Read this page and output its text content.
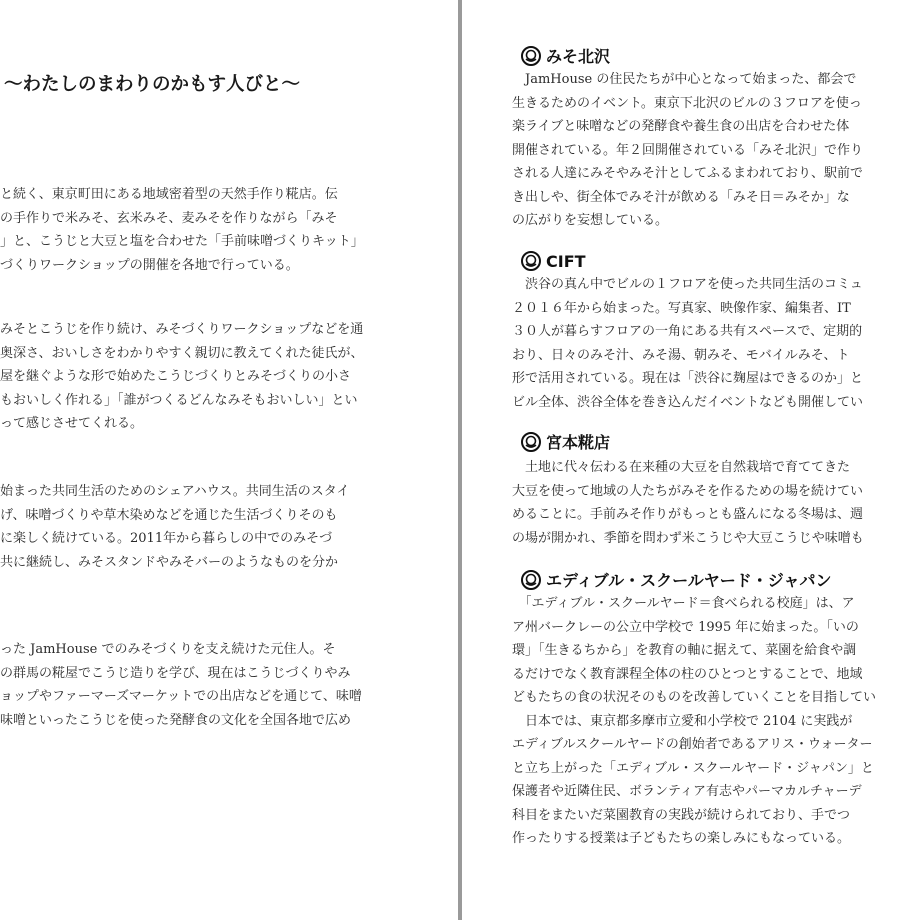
～わたしのまわりのかもす人びと～
と続く、東京町田にある地域密着型の天然手作り糀店。伝
の手作りで米みそ、玄米みそ、麦みそを作りながら「みそ
」と、こうじと大豆と塩を合わせた「手前味噌づくりキット」
づくりワークショップの開催を各地で行っている。
みそとこうじを作り続け、みそづくりワークショップなどを通
奥深さ、おいしさをわかりやすく親切に教えてくれた徒氏が、
屋を継ぐような形で始めたこうじづくりとみそづくりの小さ
もおいしく作れる」「誰がつくるどんなみそもおいしい」とい
って感じさせてくれる。
始まった共同生活のためのシェアハウス。共同生活のスタイ
げ、味噌づくりや草木染めなどを通じた生活づくりそのも
に楽しく続けている。2011年から暮らしの中でのみそづ
共に継続し、みそスタンドやみそバーのようなものを分か
った JamHouse でのみそづくりを支え続けた元住人。そ
の群馬の糀屋でこうじ造りを学び、現在はこうじづくりやみ
ョップやファーマーズマーケットでの出店などを通じて、味噌
味噌といったこうじを使った発酵食の文化を全国各地で広め
みそ北沢
　JamHouse の住民たちが中心となって始まった、都会で
生きるためのイベント。東京下北沢のビルの３フロアを使っ
楽ライブと味噌などの発酵食や養生食の出店を合わせた体
開催されている。年２回開催されている「みそ北沢」で作り
される人達にみそやみそ汁としてふるまわれており、駅前で
き出しや、街全体でみそ汁が飲める「みそ日＝みそか」な
の広がりを妄想している。
CIFT
　渋谷の真ん中でビルの１フロアを使った共同生活のコミュ
２０１６年から始まった。写真家、映像作家、編集者、IT
３０人が暮らすフロアの一角にある共有スペースで、定期的
おり、日々のみそ汁、みそ湯、朝みそ、モバイルみそ、ト
形で活用されている。現在は「渋谷に麹屋はできるのか」と
ビル全体、渋谷全体を巻き込んだイベントなども開催してい
宮本糀店
　土地に代々伝わる在来種の大豆を自然栽培で育ててきた
大豆を使って地域の人たちがみそを作るための場を続けてい
めることに。手前みそ作りがもっとも盛んになる冬場は、週
の場が開かれ、季節を問わず米こうじや大豆こうじや味噌も
エディブル・スクールヤード・ジャパン
　「エディブル・スクールヤード＝食べられる校庭」は、ア
ア州バークレーの公立中学校で 1995 年に始まった。「いの
環」「生きるちから」を教育の軸に据えて、菜園を給食や調
るだけでなく教育課程全体の柱のひとつとすることで、地域
どもたちの食の状況そのものを改善していくことを目指してい
　日本では、東京都多摩市立愛和小学校で 2104 に実践が
エディブルスクールヤードの創始者であるアリス・ウォーター
と立ち上がった「エディブル・スクールヤード・ジャパン」と
保護者や近隣住民、ボランティア有志やパーマカルチャーデ
科目をまたいだ菜園教育の実践が続けられており、手でつ
作ったりする授業は子どもたちの楽しみにもなっている。
